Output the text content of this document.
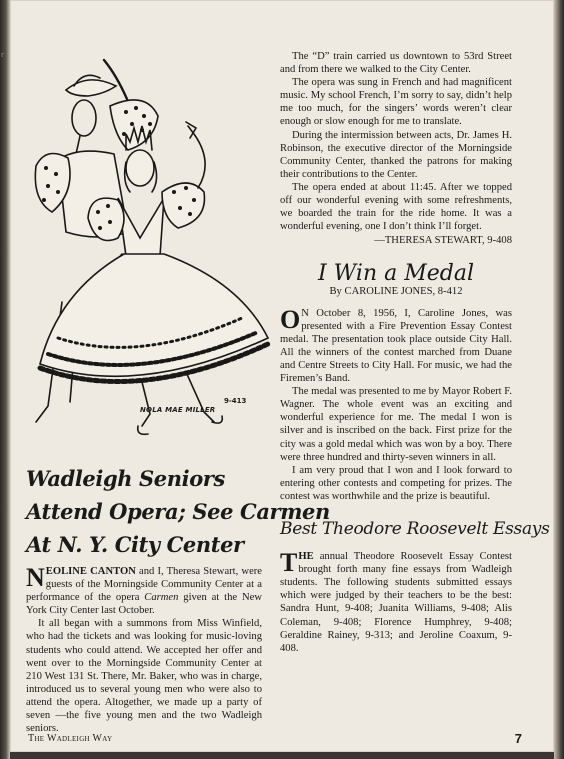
r
NOLA MAE MILLER
9-413
Wadleigh Seniors
Attend Opera; See Carmen
At N. Y. City Center

NEOLINE CANTON and I, Theresa Stewart, were guests of the Morningside Community Center at a performance of the opera Carmen given at the New York City Center last October.

It all began with a summons from Miss Winfield, who had the tickets and was looking for music-loving students who could attend. We accepted her offer and went over to the Morningside Community Center at 210 West 131 St. There, Mr. Baker, who was in charge, introduced us to several young men who were also to attend the opera. Altogether, we made up a party of seven —the five young men and the two Wadleigh seniors.

The “D” train carried us downtown to 53rd Street and from there we walked to the City Center.

The opera was sung in French and had magnificent music. My school French, I’m sorry to say, didn’t help me too much, for the singers’ words weren’t clear enough or slow enough for me to translate.

During the intermission between acts, Dr. James H. Robinson, the executive director of the Morningside Community Center, thanked the patrons for making their contributions to the Center.

The opera ended at about 11:45. After we topped off our wonderful evening with some refreshments, we boarded the train for the ride home. It was a wonderful evening, one I don’t think I’ll forget.

—THERESA STEWART, 9-408
I Win a Medal
By CAROLINE JONES, 8-412

O N October 8, 1956, I, Caroline Jones, was presented with a Fire Prevention Essay Contest medal. The presentation took place outside City Hall. All the winners of the contest marched from Duane and Centre Streets to City Hall. For music, we had the Firemen’s Band.

The medal was presented to me by Mayor Robert F. Wagner. The whole event was an exciting and wonderful experience for me. The medal I won is silver and is inscribed on the back. First prize for the city was a gold medal which was won by a boy. There were three hundred and thirty-seven winners in all.

I am very proud that I won and I look forward to entering other contests and competing for prizes. The contest was worthwhile and the prize is beautiful.

Best Theodore Roosevelt Essays

THE annual Theodore Roosevelt Essay Contest brought forth many fine essays from Wadleigh students. The following students submitted essays which were judged by their teachers to be the best: Sandra Hunt, 9-408; Juanita Williams, 9-408; Alis Coleman, 9-408; Florence Humphrey, 9-408; Geraldine Rainey, 9-313; and Jeroline Coaxum, 9-408.

The Wadleigh Way	7
